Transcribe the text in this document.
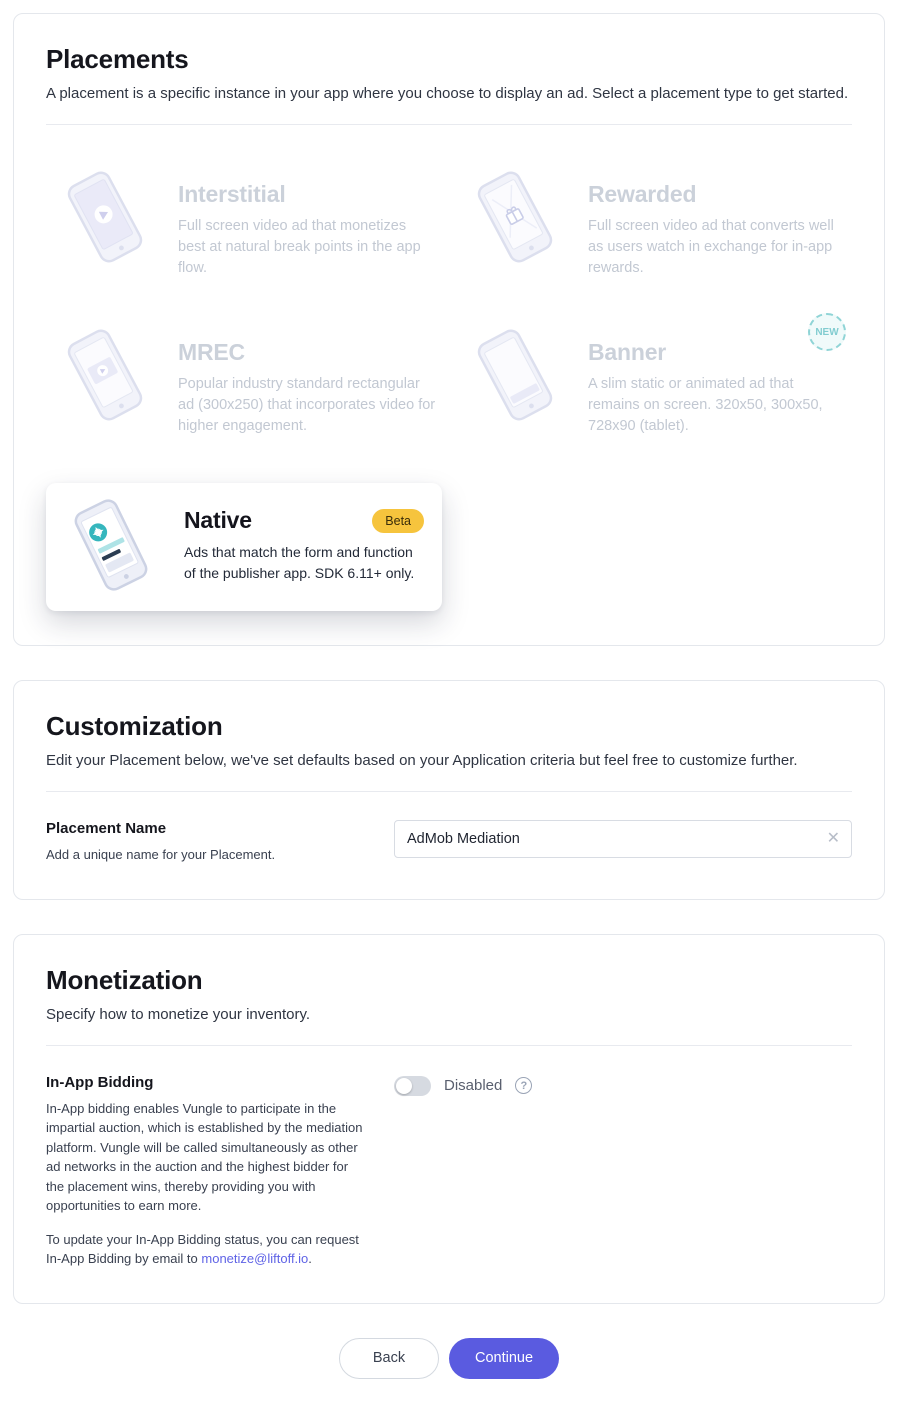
Placements

A placement is a specific instance in your app where you choose to display an ad. Select a placement type to get started.

Interstitial

Full screen video ad that monetizes best at natural break points in the app flow.

Rewarded

Full screen video ad that converts well as users watch in exchange for in-app rewards.

MREC

Popular industry standard rectangular ad (300x250) that incorporates video for higher engagement.

Banner

A slim static or animated ad that remains on screen. 320x50, 300x50, 728x90 (tablet).

NEW
Native	Beta

Ads that match the form and function of the publisher app. SDK 6.11+ only.

Customization

Edit your Placement below, we've set defaults based on your Application criteria but feel free to customize further.

Placement Name
Add a unique name for your Placement.
AdMob Mediation
✕
Monetization

Specify how to monetize your inventory.

In-App Bidding
In-App bidding enables Vungle to participate in the impartial auction, which is established by the mediation platform. Vungle will be called simultaneously as other ad networks in the auction and the highest bidder for the placement wins, thereby providing you with opportunities to earn more.
To update your In-App Bidding status, you can request In-App Bidding by email to monetize@liftoff.io.
Disabled	?
Back	Continue
